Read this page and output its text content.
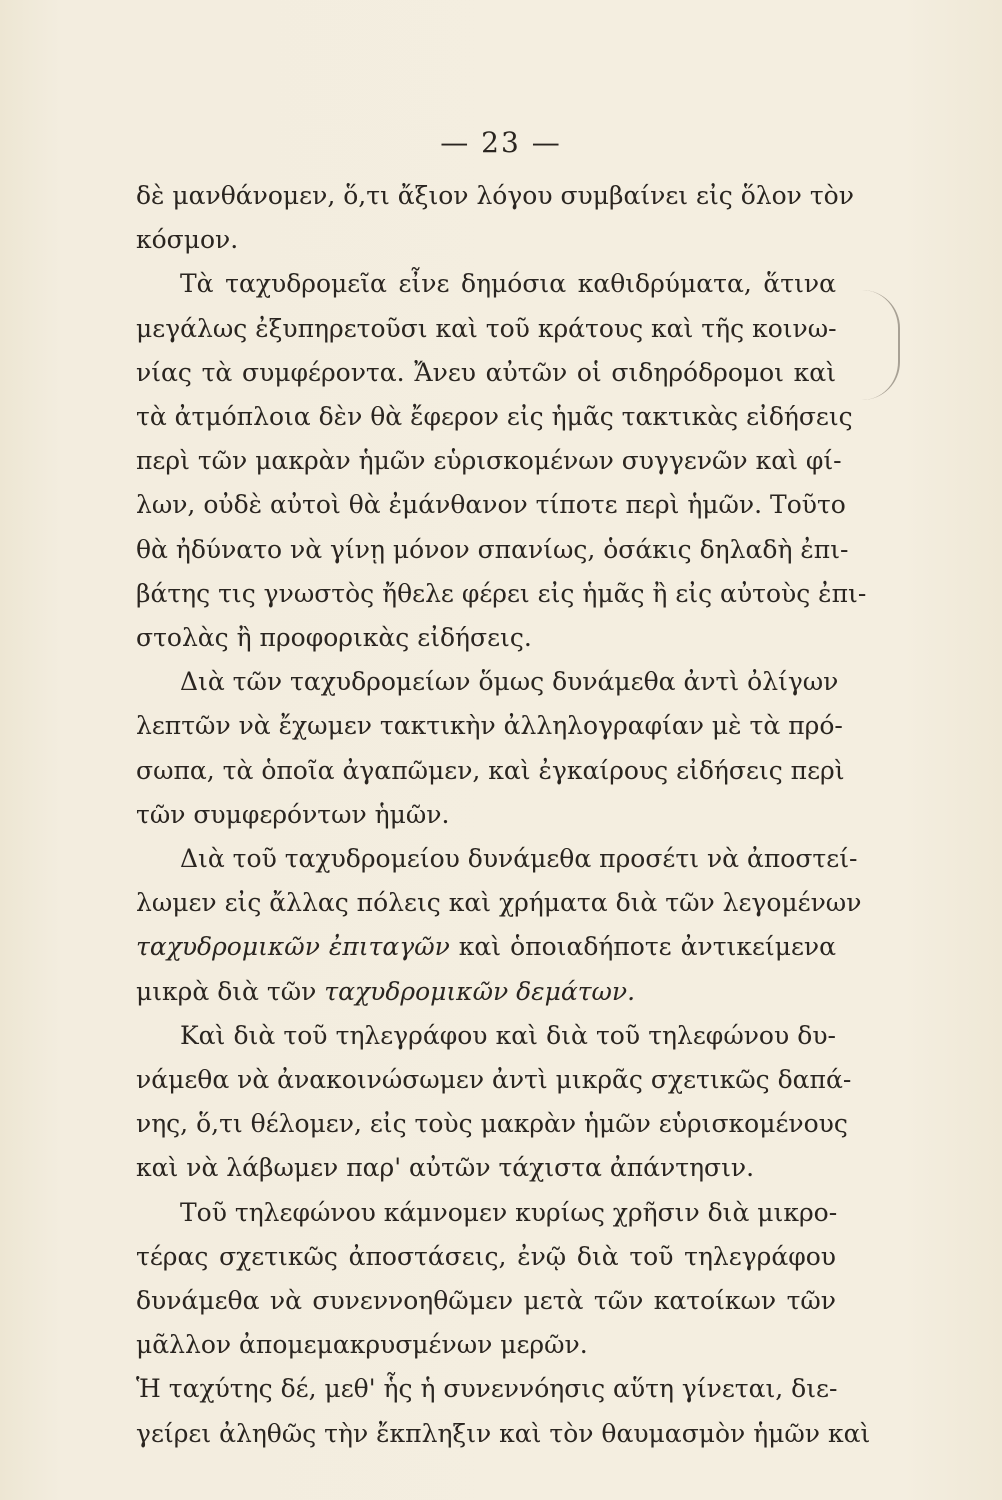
— 23 —
δὲ μανθάνομεν, ὅ,τι ἄξιον λόγου συμβαίνει εἰς ὅλον τὸν
κόσμον.
Τὰ ταχυδρομεῖα εἶνε δημόσια καθιδρύματα, ἅτινα
μεγάλως ἐξυπηρετοῦσι καὶ τοῦ κράτους καὶ τῆς κοινω-
νίας τὰ συμφέροντα. Ἄνευ αὐτῶν οἱ σιδηρόδρομοι καὶ
τὰ ἀτμόπλοια δὲν θὰ ἔφερον εἰς ἡμᾶς τακτικὰς εἰδήσεις
περὶ τῶν μακρὰν ἡμῶν εὑρισκομένων συγγενῶν καὶ φί-
λων, οὐδὲ αὐτοὶ θὰ ἐμάνθανον τίποτε περὶ ἡμῶν. Τοῦτο
θὰ ἠδύνατο νὰ γίνῃ μόνον σπανίως, ὁσάκις δηλαδὴ ἐπι-
βάτης τις γνωστὸς ἤθελε φέρει εἰς ἡμᾶς ἢ εἰς αὐτοὺς ἐπι-
στολὰς ἢ προφορικὰς εἰδήσεις.
Διὰ τῶν ταχυδρομείων ὅμως δυνάμεθα ἀντὶ ὀλίγων
λεπτῶν νὰ ἔχωμεν τακτικὴν ἀλληλογραφίαν μὲ τὰ πρό-
σωπα, τὰ ὁποῖα ἀγαπῶμεν, καὶ ἐγκαίρους εἰδήσεις περὶ
τῶν συμφερόντων ἡμῶν.
Διὰ τοῦ ταχυδρομείου δυνάμεθα προσέτι νὰ ἀποστεί-
λωμεν εἰς ἄλλας πόλεις καὶ χρήματα διὰ τῶν λεγομένων
ταχυδρομικῶν ἐπιταγῶν καὶ ὁποιαδήποτε ἀντικείμενα
μικρὰ διὰ τῶν ταχυδρομικῶν δεμάτων.
Καὶ διὰ τοῦ τηλεγράφου καὶ διὰ τοῦ τηλεφώνου δυ-
νάμεθα νὰ ἀνακοινώσωμεν ἀντὶ μικρᾶς σχετικῶς δαπά-
νης, ὅ,τι θέλομεν, εἰς τοὺς μακρὰν ἡμῶν εὑρισκομένους
καὶ νὰ λάβωμεν παρ' αὐτῶν τάχιστα ἀπάντησιν.
Τοῦ τηλεφώνου κάμνομεν κυρίως χρῆσιν διὰ μικρο-
τέρας σχετικῶς ἀποστάσεις, ἐνῷ διὰ τοῦ τηλεγράφου
δυνάμεθα νὰ συνεννοηθῶμεν μετὰ τῶν κατοίκων τῶν
μᾶλλον ἀπομεμακρυσμένων μερῶν.
Ἡ ταχύτης δέ, μεθ' ἧς ἡ συνεννόησις αὕτη γίνεται, διε-
γείρει ἀληθῶς τὴν ἔκπληξιν καὶ τὸν θαυμασμὸν ἡμῶν καὶ
